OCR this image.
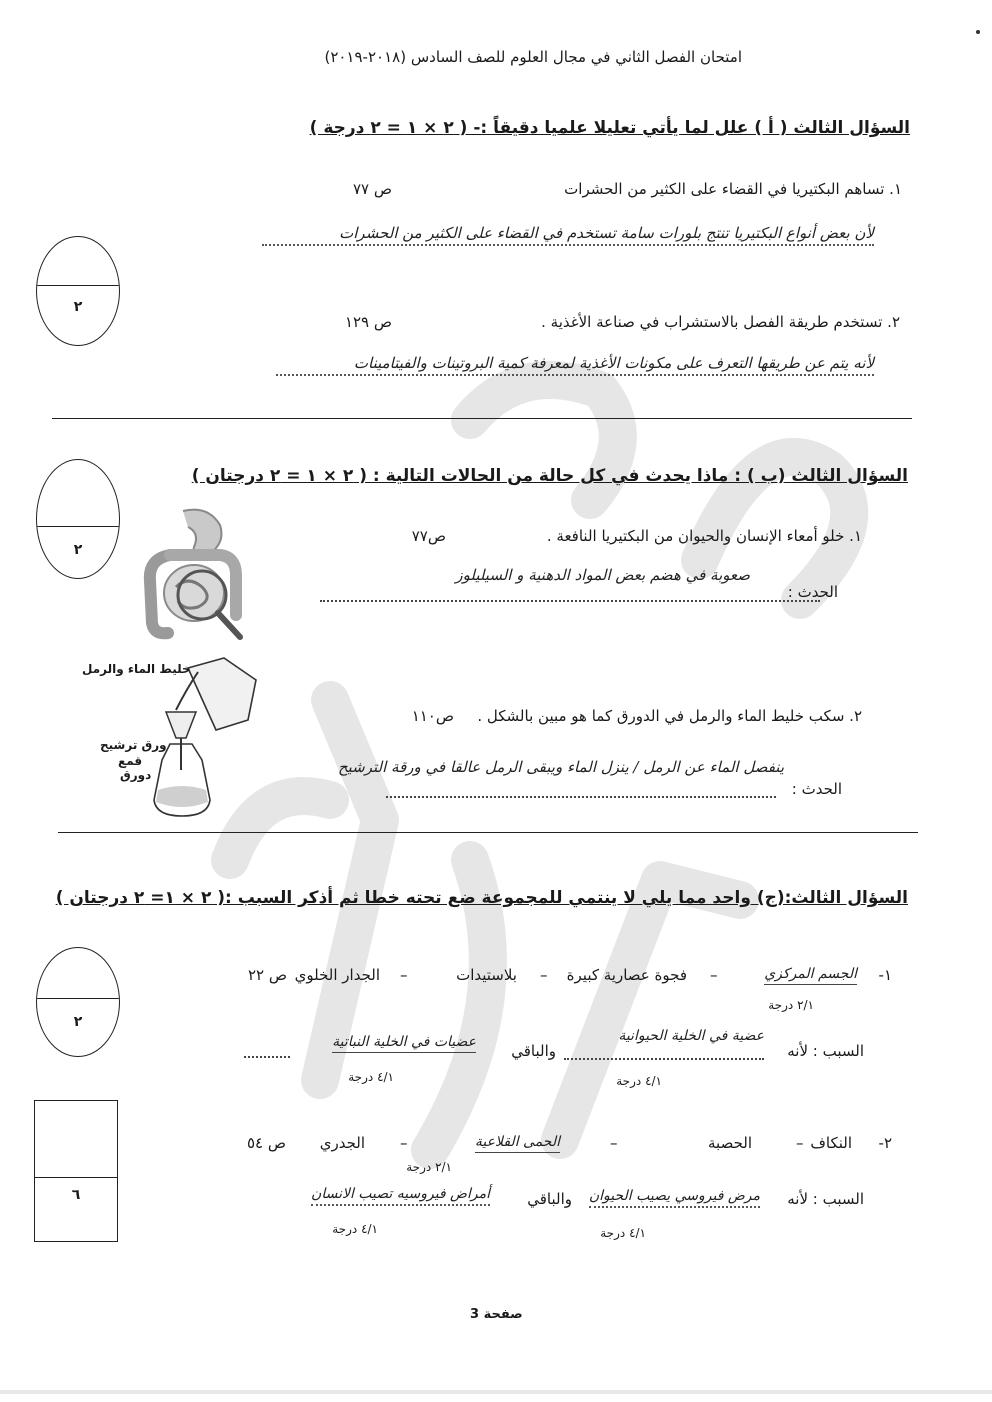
امتحان الفصل الثاني في مجال العلوم للصف السادس (٢٠١٨-٢٠١٩)
السؤال الثالث ( أ ) علل لما يأتي تعليلا علميا دقيقاً :- ( ٢ × ١ = ٢ درجة )
١. تساهم البكتيريا في القضاء على الكثير من الحشرات
ص ٧٧
لأن بعض أنواع البكتيريا تنتج بلورات سامة تستخدم في القضاء على الكثير من الحشرات
٢. تستخدم طريقة الفصل بالاستشراب في صناعة الأغذية .
ص ١٢٩
لأنه يتم عن طريقها التعرف على مكونات الأغذية لمعرفة كمية البروتينات والفيتامينات
٢
السؤال الثالث (ب ) : ماذا يحدث في كل حالة من الحالات التالية : ( ٢ × ١ = ٢ درجتان )
٢
١. خلو أمعاء الإنسان والحيوان من البكتيريا النافعة .
ص٧٧
صعوبة في هضم بعض المواد الدهنية و السيليلوز
الحدث :
خليط الماء والرمل
ورق ترشيح
قمع
دورق
٢. سكب خليط الماء والرمل في الدورق كما هو مبين بالشكل .
ص١١٠
ينفصل الماء عن الرمل / ينزل الماء ويبقى الرمل عالقا في ورقة الترشيح
الحدث :
السؤال الثالث:(ج) واحد مما يلي لا ينتمي للمجموعة ضع تحته خطا ثم أذكر السبب :( ٢ × ١= ٢ درجتان )
٢
١-
الجسم المركزي
–
فجوة عصارية كبيرة
–
بلاستيدات
–
الجدار الخلوي
ص ٢٢
٢/١ درجة
السبب : لأنه
عضية في الخلية الحيوانية
والباقي
عضيات في الخلية النباتية
٤/١ درجة
٤/١ درجة
٦
٢-
النكاف
–
الحصبة
–
الحمى القلاعية
–
الجدري
ص ٥٤
٢/١ درجة
السبب : لأنه
مرض فيروسي يصيب الحيوان
والباقي
أمراض فيروسيه تصيب الانسان
٤/١ درجة
٤/١ درجة
صفحة 3
